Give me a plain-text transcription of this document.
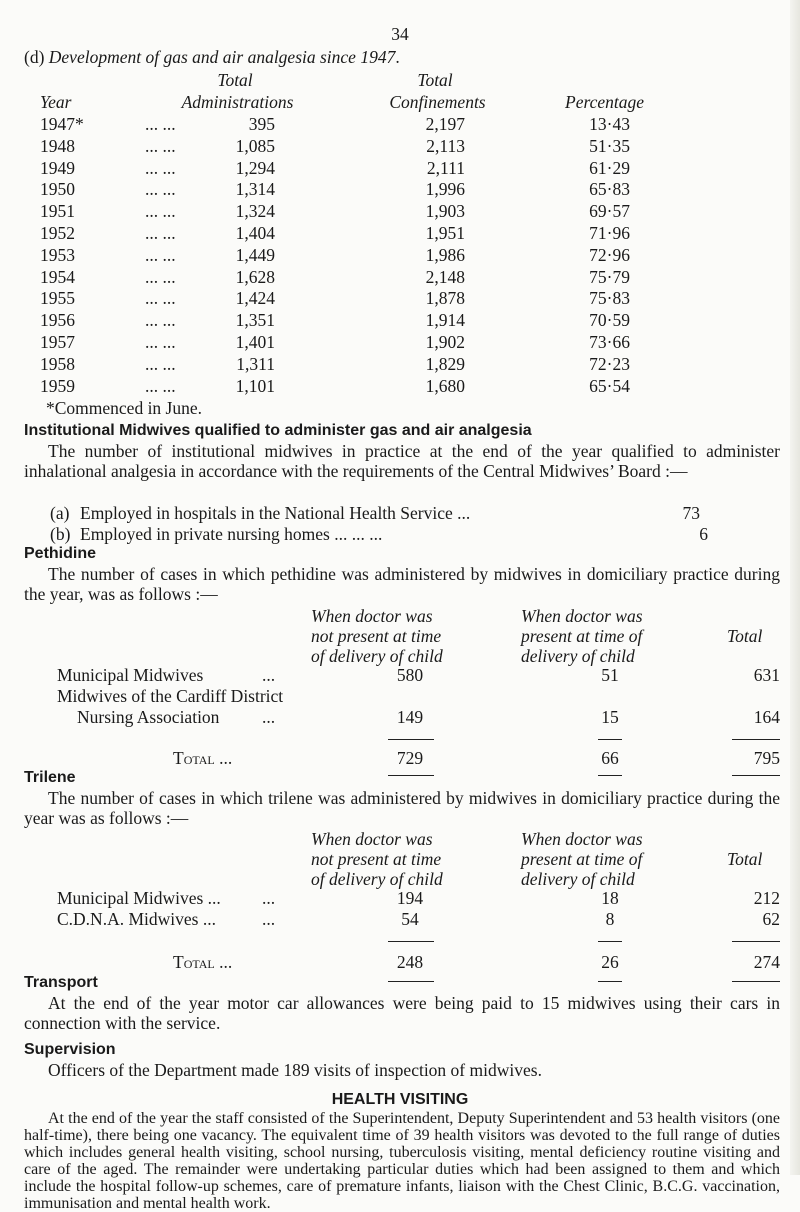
34
(d) Development of gas and air analgesia since 1947.
Total	Total
Year	Administrations	Confinements	Percentage
1947*	... ...	395	2,197	13·43
1948	... ...	1,085	2,113	51·35
1949	... ...	1,294	2,111	61·29
1950	... ...	1,314	1,996	65·83
1951	... ...	1,324	1,903	69·57
1952	... ...	1,404	1,951	71·96
1953	... ...	1,449	1,986	72·96
1954	... ...	1,628	2,148	75·79
1955	... ...	1,424	1,878	75·83
1956	... ...	1,351	1,914	70·59
1957	... ...	1,401	1,902	73·66
1958	... ...	1,311	1,829	72·23
1959	... ...	1,101	1,680	65·54
*Commenced in June.
Institutional Midwives qualified to administer gas and air analgesia
The number of institutional midwives in practice at the end of the year qualified to administer inhalational analgesia in accordance with the requirements of the Central Midwives’ Board :—
(a) Employed in hospitals in the National Health Service ...	73
(b) Employed in private nursing homes ... ... ...	6
Pethidine
The number of cases in which pethidine was administered by midwives in domiciliary practice during the year, was as follows :—
When doctor was
not present at time
of delivery of child
When doctor was
present at time of
delivery of child
Total
Municipal Midwives	...	580	51	631
Midwives of the Cardiff District
Nursing Association ...	149	15	164
Total ...	729	66	795
Trilene
The number of cases in which trilene was administered by midwives in domiciliary practice during the year was as follows :—
When doctor was
not present at time
of delivery of child
When doctor was
present at time of
delivery of child
Total
Municipal Midwives ... ...	194	18	212
C.D.N.A. Midwives ...	...	54	8	62
Total ...	248	26	274
Transport
At the end of the year motor car allowances were being paid to 15 midwives using their cars in connection with the service.
Supervision
Officers of the Department made 189 visits of inspection of midwives.
HEALTH VISITING
At the end of the year the staff consisted of the Superintendent, Deputy Superintendent and 53 health visitors (one half-time), there being one vacancy. The equivalent time of 39 health visitors was devoted to the full range of duties which includes general health visiting, school nursing, tuberculosis visiting, mental deficiency routine visiting and care of the aged. The remainder were undertaking particular duties which had been assigned to them and which include the hospital follow-up schemes, care of premature infants, liaison with the Chest Clinic, B.C.G. vaccination, immunisation and mental health work.
